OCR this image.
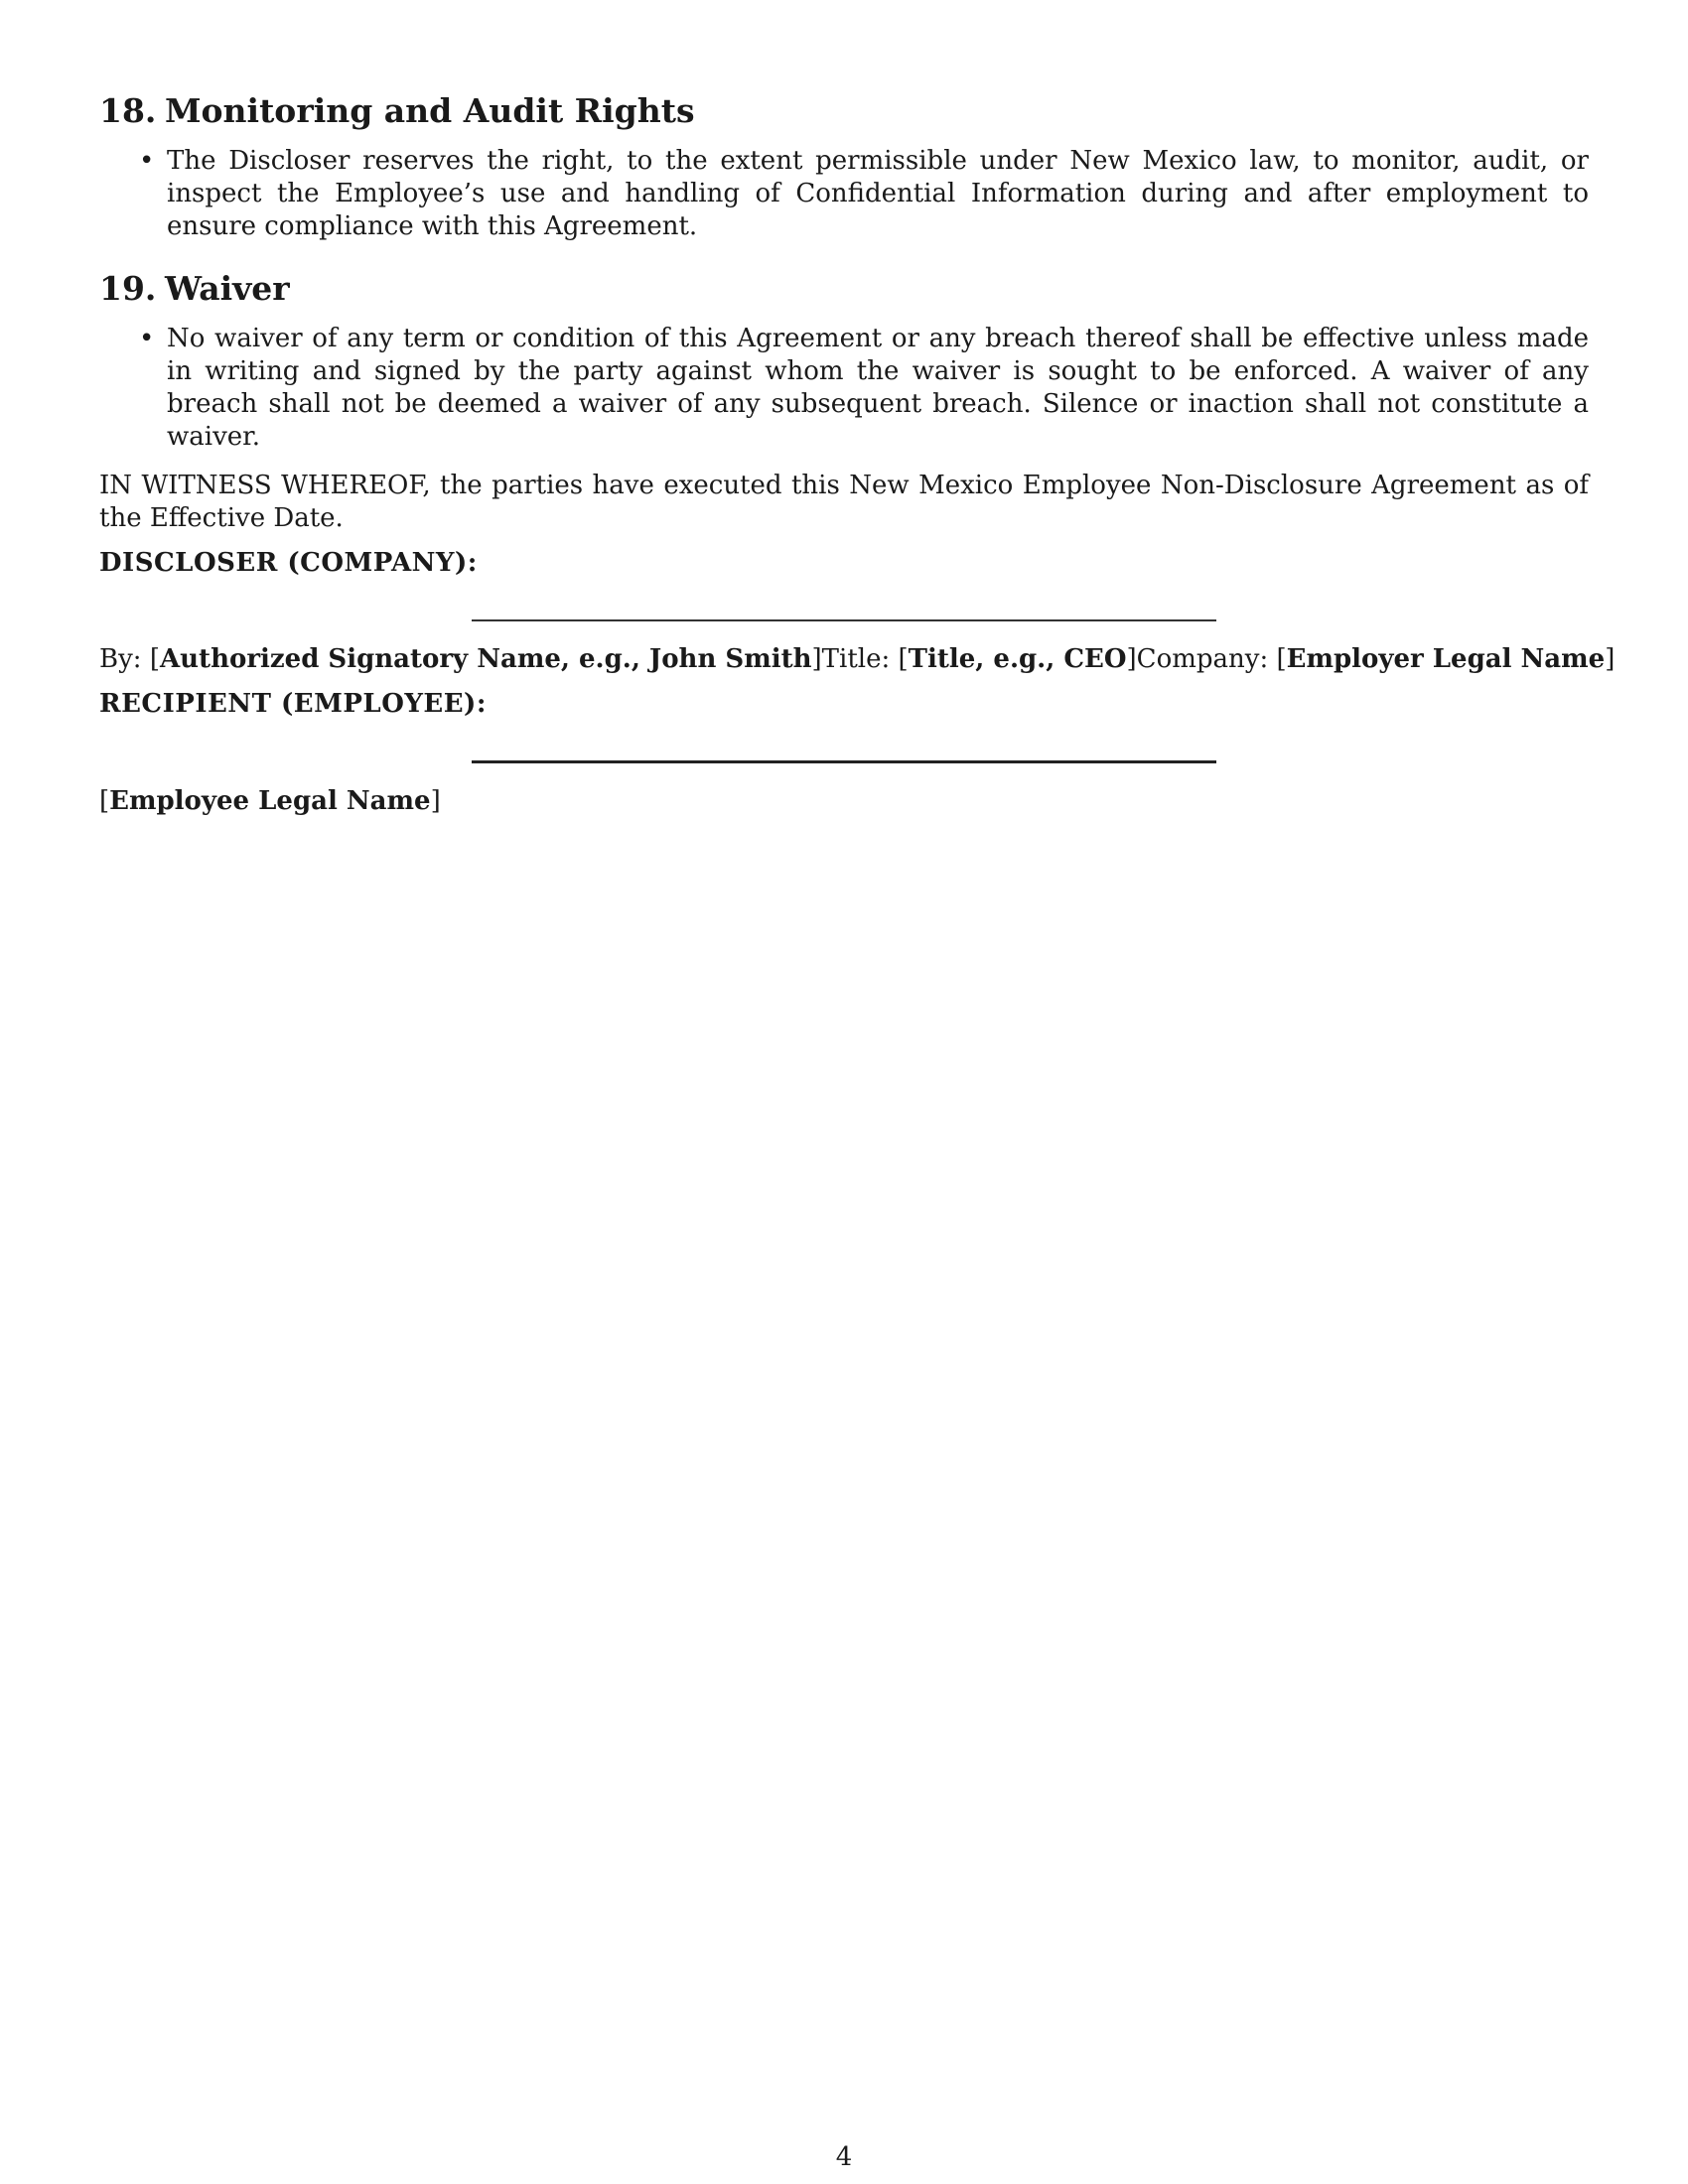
18. Monitoring and Audit Rights
• The Discloser reserves the right, to the extent permissible under New Mexico law, to monitor, audit, or inspect the Employee’s use and handling of Confidential Information during and after employment to ensure compliance with this Agreement.
19. Waiver
• No waiver of any term or condition of this Agreement or any breach thereof shall be effective unless made in writing and signed by the party against whom the waiver is sought to be enforced. A waiver of any breach shall not be deemed a waiver of any subsequent breach. Silence or inaction shall not constitute a waiver.

IN WITNESS WHEREOF, the parties have executed this New Mexico Employee Non-Disclosure Agreement as of the Effective Date.

DISCLOSER (COMPANY):

By: [Authorized Signatory Name, e.g., John Smith] Title: [Title, e.g., CEO] Company: [Employer Legal Name]

RECIPIENT (EMPLOYEE):

[Employee Legal Name]
4
